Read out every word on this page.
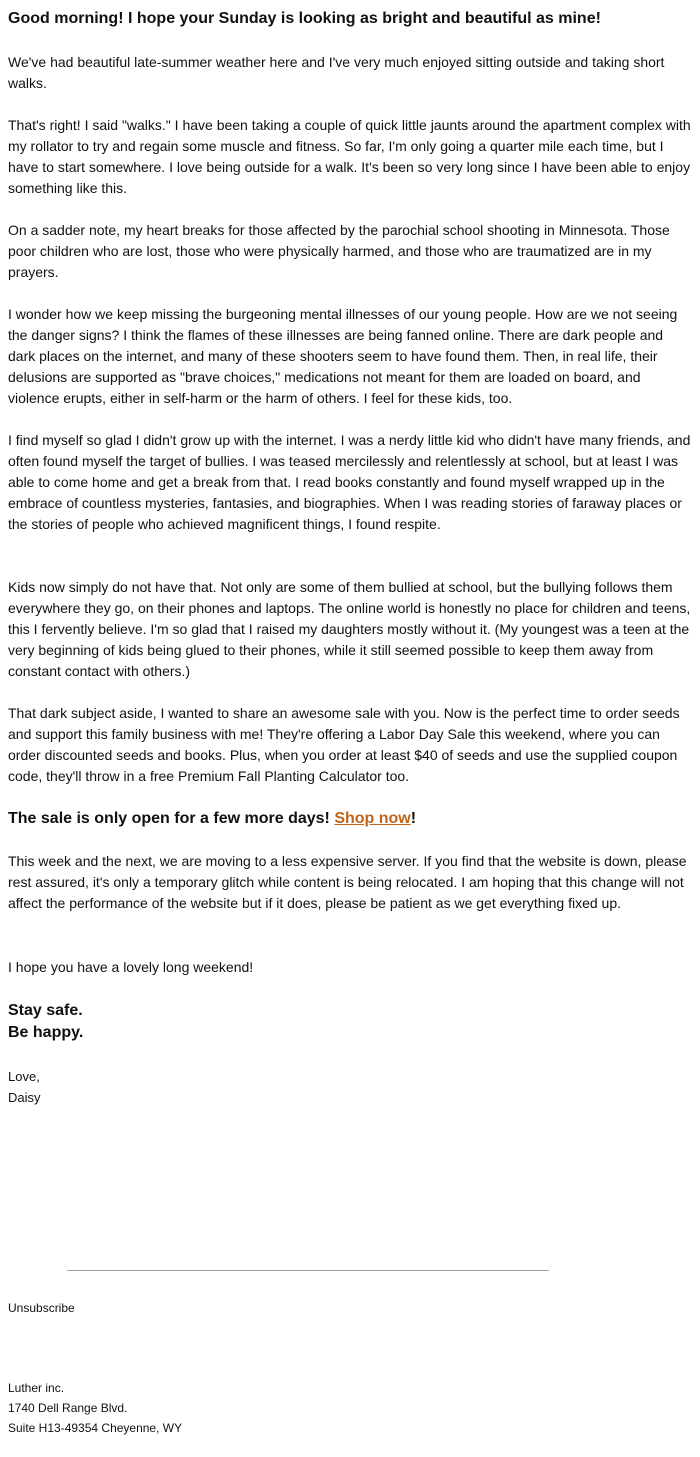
Good morning! I hope your Sunday is looking as bright and beautiful as mine!

We've had beautiful late-summer weather here and I've very much enjoyed sitting outside and taking short walks.

That's right! I said "walks." I have been taking a couple of quick little jaunts around the apartment complex with my rollator to try and regain some muscle and fitness. So far, I'm only going a quarter mile each time, but I have to start somewhere. I love being outside for a walk. It's been so very long since I have been able to enjoy something like this.

On a sadder note, my heart breaks for those affected by the parochial school shooting in Minnesota. Those poor children who are lost, those who were physically harmed, and those who are traumatized are in my prayers.

I wonder how we keep missing the burgeoning mental illnesses of our young people. How are we not seeing the danger signs? I think the flames of these illnesses are being fanned online. There are dark people and dark places on the internet, and many of these shooters seem to have found them. Then, in real life, their delusions are supported as "brave choices," medications not meant for them are loaded on board, and violence erupts, either in self-harm or the harm of others. I feel for these kids, too.

I find myself so glad I didn't grow up with the internet. I was a nerdy little kid who didn't have many friends, and often found myself the target of bullies. I was teased mercilessly and relentlessly at school, but at least I was able to come home and get a break from that. I read books constantly and found myself wrapped up in the embrace of countless mysteries, fantasies, and biographies. When I was reading stories of faraway places or the stories of people who achieved magnificent things, I found respite.

Kids now simply do not have that. Not only are some of them bullied at school, but the bullying follows them everywhere they go, on their phones and laptops. The online world is honestly no place for children and teens, this I fervently believe. I'm so glad that I raised my daughters mostly without it. (My youngest was a teen at the very beginning of kids being glued to their phones, while it still seemed possible to keep them away from constant contact with others.)

That dark subject aside, I wanted to share an awesome sale with you. Now is the perfect time to order seeds and support this family business with me! They're offering a Labor Day Sale this weekend, where you can order discounted seeds and books. Plus, when you order at least $40 of seeds and use the supplied coupon code, they'll throw in a free Premium Fall Planting Calculator too.

The sale is only open for a few more days! Shop now!

This week and the next, we are moving to a less expensive server. If you find that the website is down, please rest assured, it's only a temporary glitch while content is being relocated. I am hoping that this change will not affect the performance of the website but if it does, please be patient as we get everything fixed up.

I hope you have a lovely long weekend!

Stay safe.
Be happy.

Love,
Daisy

Unsubscribe

Luther inc.
1740 Dell Range Blvd.
Suite H13-49354 Cheyenne, WY
